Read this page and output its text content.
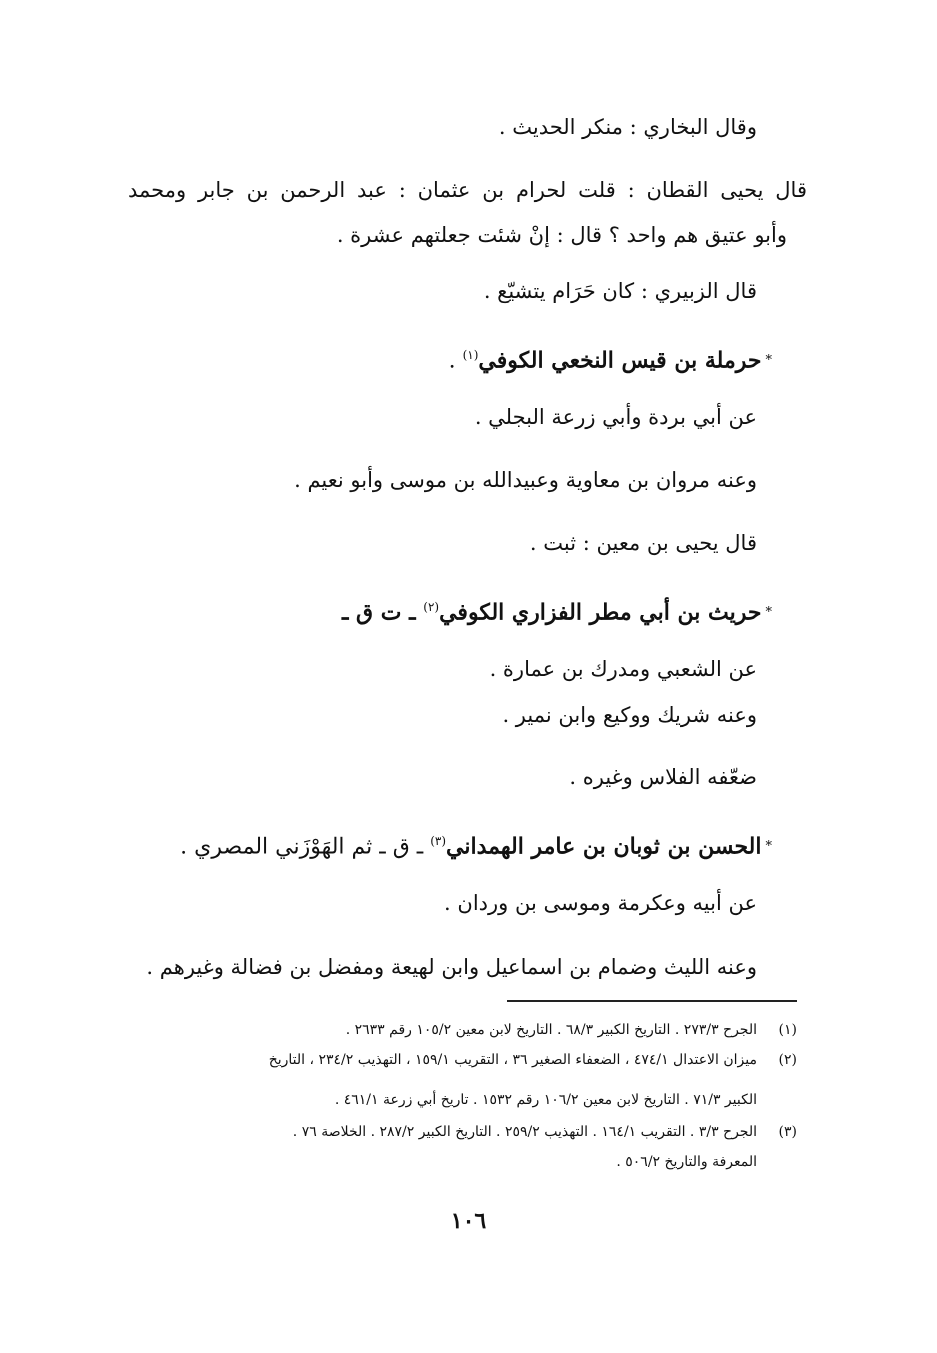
وقال البخاري : منكر الحديث .
قال يحيى القطان : قلت لحرام بن عثمان : عبد الرحمن بن جابر ومحمد
وأبو عتيق هم واحد ؟ قال : إنْ شئت جعلتهم عشرة .
قال الزبيري : كان حَرَام يتشيّع .
*حرملة بن قيس النخعي الكوفي$^{(١)}$ .
عن أبي بردة وأبي زرعة البجلي .
وعنه مروان بن معاوية وعبيدالله بن موسى وأبو نعيم .
قال يحيى بن معين : ثبت .
*حريث بن أبي مطر الفزاري الكوفي$^{(٢)}$ ـ ت ق ـ
عن الشعبي ومدرك بن عمارة .
وعنه شريك ووكيع وابن نمير .
ضعّفه الفلاس وغيره .
*الحسن بن ثوبان بن عامر الهمداني$^{(٣)}$ ـ ق ـ ثم الهَوْزَني المصري .
عن أبيه وعكرمة وموسى بن وردان .
وعنه الليث وضمام بن اسماعيل وابن لهيعة ومفضل بن فضالة وغيرهم .
(١)
الجرح ٢٧٣/٣ . التاريخ الكبير ٦٨/٣ . التاريخ لابن معين ١٠٥/٢ رقم ٢٦٣٣ .
(٢)
ميزان الاعتدال ٤٧٤/١ ، الضعفاء الصغير ٣٦ ، التقريب ١٥٩/١ ، التهذيب ٢٣٤/٢ ، التاريخ
الكبير ٧١/٣ . التاريخ لابن معين ١٠٦/٢ رقم ١٥٣٢ . تاريخ أبي زرعة ٤٦١/١ .
(٣)
الجرح ٣/٣ . التقريب ١٦٤/١ . التهذيب ٢٥٩/٢ . التاريخ الكبير ٢٨٧/٢ . الخلاصة ٧٦ .
المعرفة والتاريخ ٥٠٦/٢ .
١٠٦
